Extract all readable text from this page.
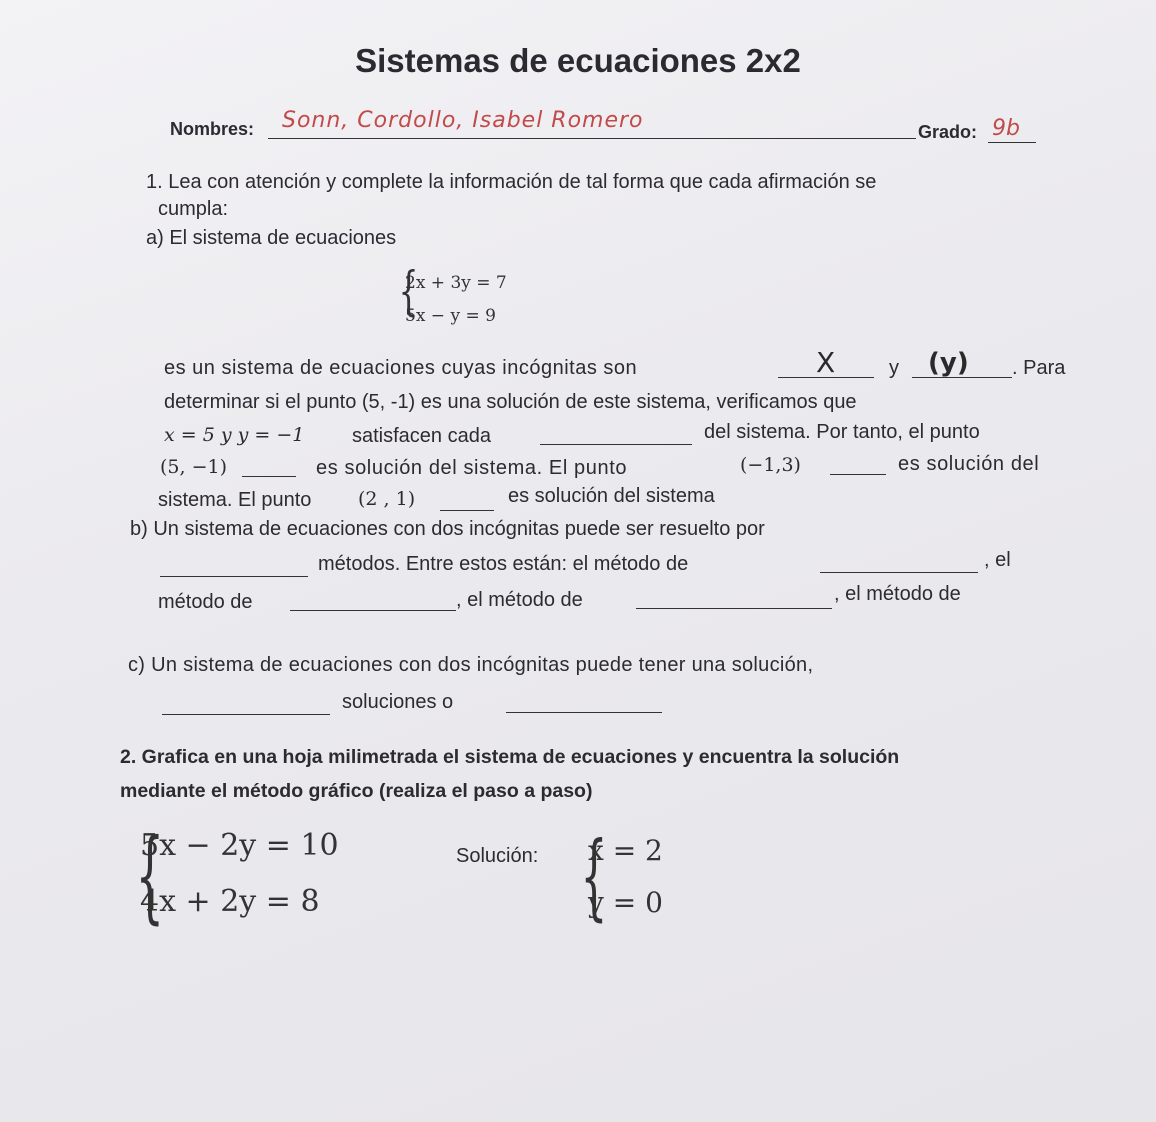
Sistemas de ecuaciones 2x2
Nombres: Sonn, Cordollo, Isabel Romero	Grado: 9b
1. Lea con atención y complete la información de tal forma que cada afirmación se
cumpla:
a) El sistema de ecuaciones
{
2x + 3y = 7
5x − y = 9
es un sistema de ecuaciones cuyas incógnitas son	X	y (y) . Para
determinar si el punto (5, -1) es una solución de este sistema, verificamos que
x = 5 y y = −1 satisfacen cada	del sistema. Por tanto, el punto
(5, −1)	es solución del sistema. El punto	(−1,3)	es solución del
sistema. El punto (2 , 1)	es solución del sistema
b) Un sistema de ecuaciones con dos incógnitas puede ser resuelto por
métodos. Entre estos están: el método de	, el
método de	, el método de	, el método de
c) Un sistema de ecuaciones con dos incógnitas puede tener una solución,
soluciones o
2. Grafica en una hoja milimetrada el sistema de ecuaciones y encuentra la solución
mediante el método gráfico (realiza el paso a paso)
{
5x − 2y = 10
4x + 2y = 8
Solución: {
x = 2
y = 0
